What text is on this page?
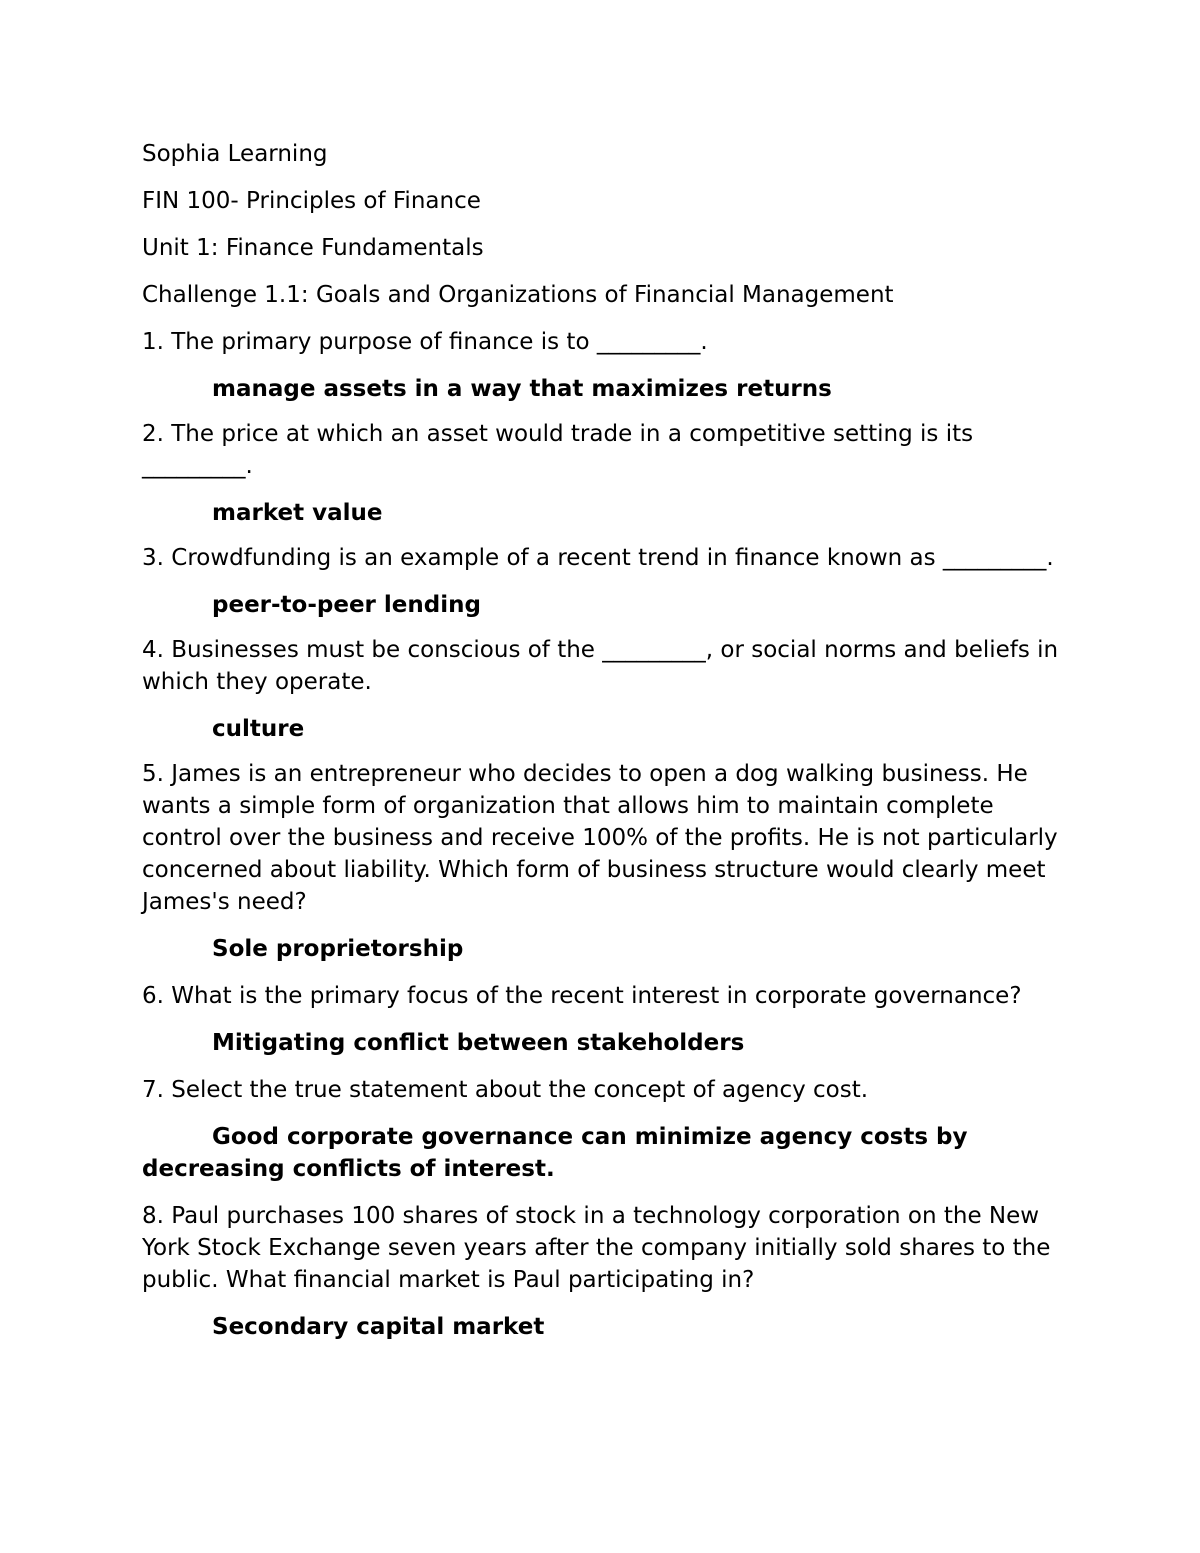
Sophia Learning

FIN 100- Principles of Finance

Unit 1: Finance Fundamentals

Challenge 1.1: Goals and Organizations of Financial Management

1. The primary purpose of finance is to _________.

manage assets in a way that maximizes returns

2. The price at which an asset would trade in a competitive setting is its _________.

market value

3. Crowdfunding is an example of a recent trend in finance known as _________.

peer-to-peer lending

4. Businesses must be conscious of the _________, or social norms and beliefs in which they operate.

culture

5. James is an entrepreneur who decides to open a dog walking business. He wants a simple form of organization that allows him to maintain complete control over the business and receive 100% of the profits. He is not particularly concerned about liability. Which form of business structure would clearly meet James's need?

Sole proprietorship

6. What is the primary focus of the recent interest in corporate governance?

Mitigating conflict between stakeholders

7. Select the true statement about the concept of agency cost.

Good corporate governance can minimize agency costs by decreasing conflicts of interest.

8. Paul purchases 100 shares of stock in a technology corporation on the New York Stock Exchange seven years after the company initially sold shares to the public. What financial market is Paul participating in?

Secondary capital market
